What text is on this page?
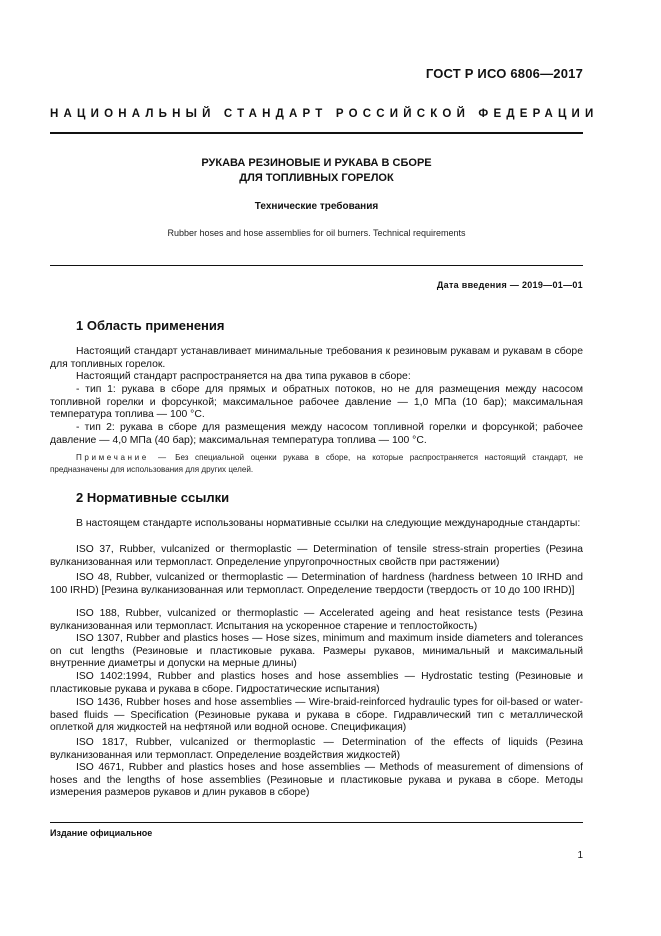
ГОСТ Р ИСО 6806—2017
НАЦИОНАЛЬНЫЙ СТАНДАРТ РОССИЙСКОЙ ФЕДЕРАЦИИ
РУКАВА РЕЗИНОВЫЕ И РУКАВА В СБОРЕ
ДЛЯ ТОПЛИВНЫХ ГОРЕЛОК
Технические требования
Rubber hoses and hose assemblies for oil burners. Technical requirements
Дата введения — 2019—01—01
1 Область применения
Настоящий стандарт устанавливает минимальные требования к резиновым рукавам и рукавам в сборе для топливных горелок.
Настоящий стандарт распространяется на два типа рукавов в сборе:
- тип 1: рукава в сборе для прямых и обратных потоков, но не для размещения между насосом топливной горелки и форсункой; максимальное рабочее давление — 1,0 МПа (10 бар); максимальная температура топлива — 100 °С.
- тип 2: рукава в сборе для размещения между насосом топливной горелки и форсункой; рабочее давление — 4,0 МПа (40 бар); максимальная температура топлива — 100 °С.
Примечание — Без специальной оценки рукава в сборе, на которые распространяется настоящий стандарт, не предназначены для использования для других целей.
2 Нормативные ссылки
В настоящем стандарте использованы нормативные ссылки на следующие международные стандарты:
ISO 37, Rubber, vulcanized or thermoplastic — Determination of tensile stress-strain properties (Резина вулканизованная или термопласт. Определение упругопрочностных свойств при растяжении)
ISO 48, Rubber, vulcanized or thermoplastic — Determination of hardness (hardness between 10 IRHD and 100 IRHD) [Резина вулканизованная или термопласт. Определение твердости (твердость от 10 до 100 IRHD)]
ISO 188, Rubber, vulcanized or thermoplastic — Accelerated ageing and heat resistance tests (Резина вулканизованная или термопласт. Испытания на ускоренное старение и теплостойкость)
ISO 1307, Rubber and plastics hoses — Hose sizes, minimum and maximum inside diameters and tolerances on cut lengths (Резиновые и пластиковые рукава. Размеры рукавов, минимальный и максимальный внутренние диаметры и допуски на мерные длины)
ISO 1402:1994, Rubber and plastics hoses and hose assemblies — Hydrostatic testing (Резиновые и пластиковые рукава и рукава в сборе. Гидростатические испытания)
ISO 1436, Rubber hoses and hose assemblies — Wire-braid-reinforced hydraulic types for oil-based or water-based fluids — Specification (Резиновые рукава и рукава в сборе. Гидравлический тип с металлической оплеткой для жидкостей на нефтяной или водной основе. Спецификация)
ISO 1817, Rubber, vulcanized or thermoplastic — Determination of the effects of liquids (Резина вулканизованная или термопласт. Определение воздействия жидкостей)
ISO 4671, Rubber and plastics hoses and hose assemblies — Methods of measurement of dimensions of hoses and the lengths of hose assemblies (Резиновые и пластиковые рукава и рукава в сборе. Методы измерения размеров рукавов и длин рукавов в сборе)
Издание официальное
1
